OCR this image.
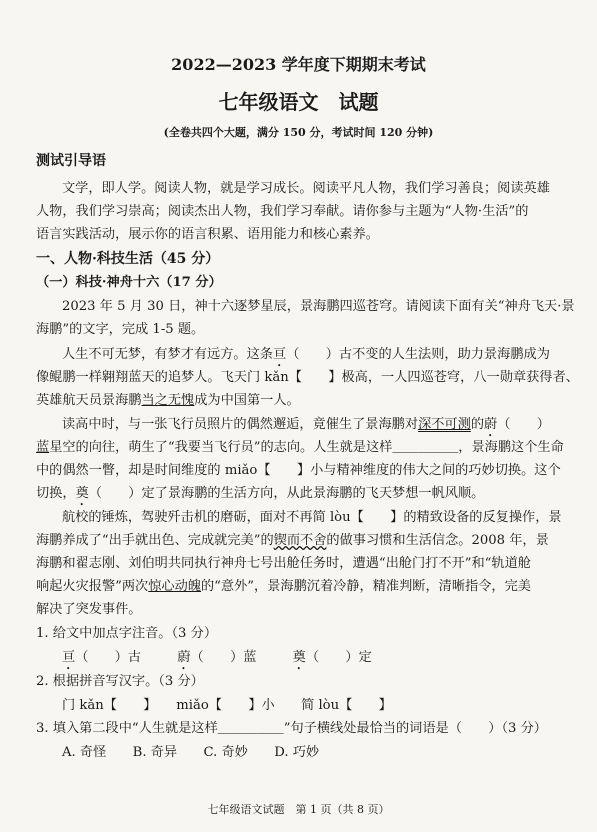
2022—2023 学年度下期期末考试
七年级语文　试题
(全卷共四个大题，满分 150 分，考试时间 120 分钟)
测试引导语
文学，即人学。阅读人物，就是学习成长。阅读平凡人物，我们学习善良；阅读英雄
人物，我们学习崇高；阅读杰出人物，我们学习奉献。请你参与主题为“人物·生活”的
语言实践活动，展示你的语言积累、语用能力和核心素养。
一、人物·科技生活（45 分）
（一）科技·神舟十六（17 分）
2023 年 5 月 30 日，神十六逐梦星辰，景海鹏四巡苍穹。请阅读下面有关“神舟飞天·景
海鹏”的文字，完成 1-5 题。
人生不可无梦，有梦才有远方。这条亘（　　）古不变的人生法则，助力景海鹏成为
像鲲鹏一样翱翔蓝天的追梦人。飞天门 kǎn【　　】极高，一人四巡苍穹，八一勋章获得者、
英雄航天员景海鹏当之无愧成为中国第一人。
读高中时，与一张飞行员照片的偶然邂逅，竟催生了景海鹏对深不可测的蔚（　　）
蓝星空的向往，萌生了“我要当飞行员”的志向。人生就是这样＿＿＿＿＿，景海鹏这个生命
中的偶然一瞥，却是时间维度的 miǎo【　　】小与精神维度的伟大之间的巧妙切换。这个
切换，奠（　　）定了景海鹏的生活方向，从此景海鹏的飞天梦想一帆风顺。
航校的锤炼，驾驶歼击机的磨砺，面对不再简 lòu【　　】的精致设备的反复操作，景
海鹏养成了“出手就出色、完成就完美”的锲而不舍的做事习惯和生活信念。2008 年，景
海鹏和翟志刚、刘伯明共同执行神舟七号出舱任务时，遭遇“出舱门打不开”和“轨道舱
响起火灾报警”两次惊心动魄的“意外”，景海鹏沉着冷静，精准判断，清晰指令，完美
解决了突发事件。
1. 给文中加点字注音。（3 分）
亘（　　）古	蔚（　　）蓝	奠（　　）定
2. 根据拼音写汉字。（3 分）
门 kǎn【　　】　　miǎo【　　】小　　简 lòu【　　】
3. 填入第二段中“人生就是这样＿＿＿＿＿”句子横线处最恰当的词语是（　　）（3 分）
A. 奇怪　　B. 奇异　　C. 奇妙　　D. 巧妙
七年级语文试题　第 1 页（共 8 页）
